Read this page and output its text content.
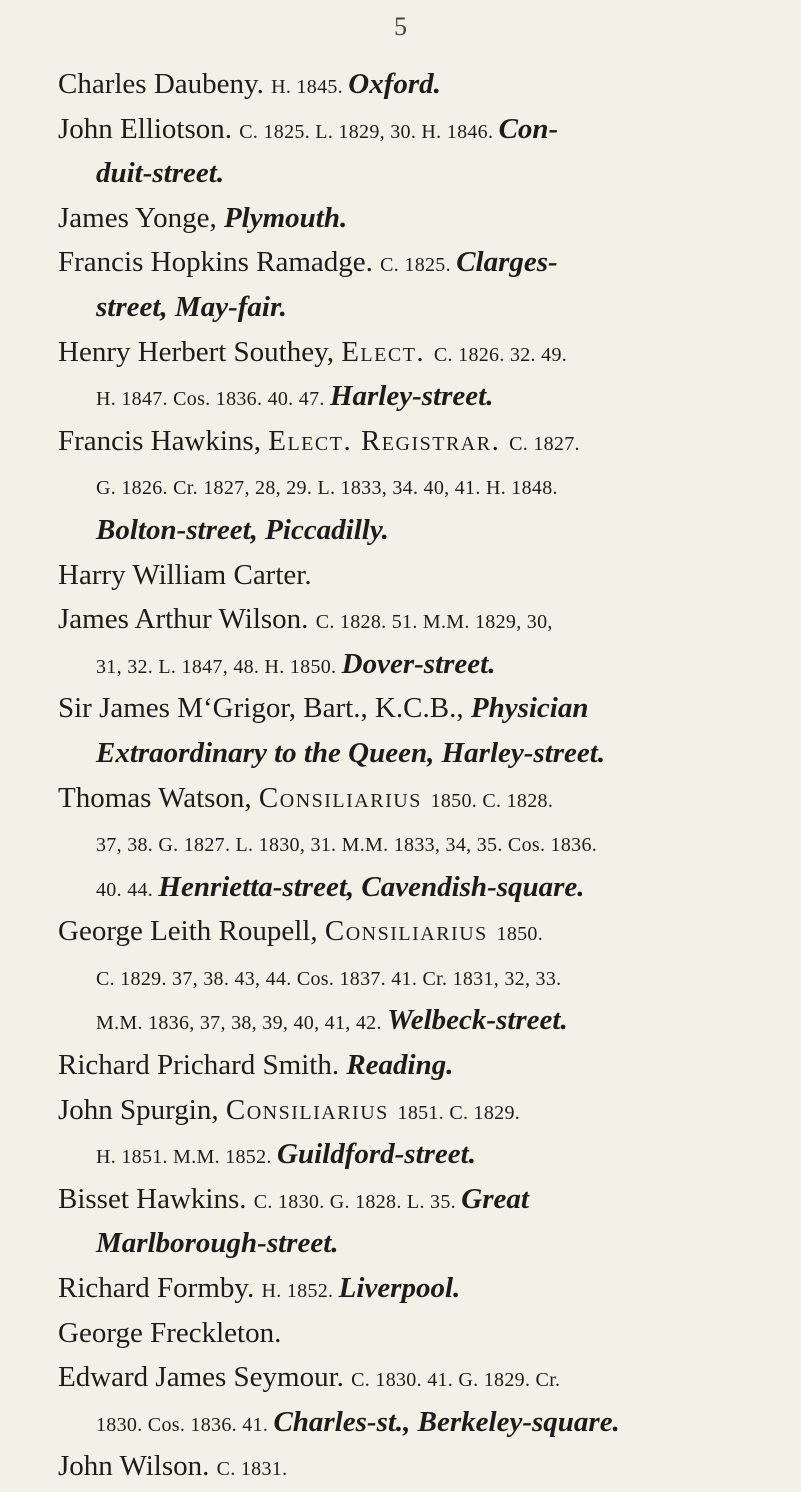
5
Charles Daubeny. H. 1845. Oxford.
John Elliotson. C. 1825. L. 1829, 30. H. 1846. Con-
duit-street.
James Yonge, Plymouth.
Francis Hopkins Ramadge. C. 1825. Clarges-
street, May-fair.
Henry Herbert Southey, Elect. C. 1826. 32. 49.
H. 1847. Cos. 1836. 40. 47. Harley-street.
Francis Hawkins, Elect. Registrar. C. 1827.
G. 1826. Cr. 1827, 28, 29. L. 1833, 34. 40, 41. H. 1848.
Bolton-street, Piccadilly.
Harry William Carter.
James Arthur Wilson. C. 1828. 51. M.M. 1829, 30,
31, 32. L. 1847, 48. H. 1850. Dover-street.
Sir James M‘Grigor, Bart., K.C.B., Physician
Extraordinary to the Queen, Harley-street.
Thomas Watson, Consiliarius 1850. C. 1828.
37, 38. G. 1827. L. 1830, 31. M.M. 1833, 34, 35. Cos. 1836.
40. 44. Henrietta-street, Cavendish-square.
George Leith Roupell, Consiliarius 1850.
C. 1829. 37, 38. 43, 44. Cos. 1837. 41. Cr. 1831, 32, 33.
M.M. 1836, 37, 38, 39, 40, 41, 42. Welbeck-street.
Richard Prichard Smith. Reading.
John Spurgin, Consiliarius 1851. C. 1829.
H. 1851. M.M. 1852. Guildford-street.
Bisset Hawkins. C. 1830. G. 1828. L. 35. Great
Marlborough-street.
Richard Formby. H. 1852. Liverpool.
George Freckleton.
Edward James Seymour. C. 1830. 41. G. 1829. Cr.
1830. Cos. 1836. 41. Charles-st., Berkeley-square.
John Wilson. C. 1831.
